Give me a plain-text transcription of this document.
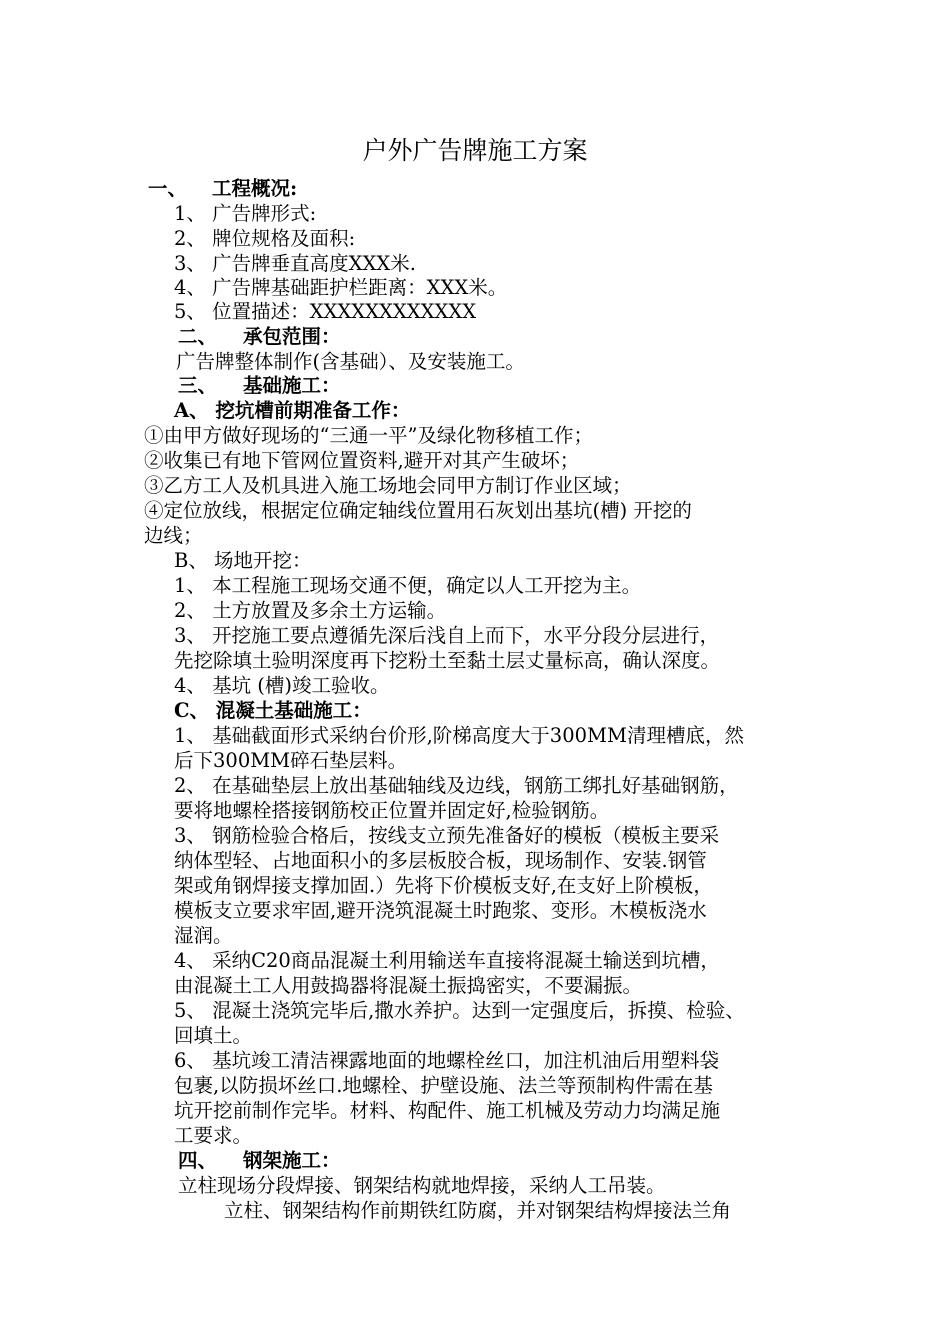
户外广告牌施工方案
一、 工程概况:
1、 广告牌形式:
2、 牌位规格及面积:
3、 广告牌垂直高度XXX米.
4、 广告牌基础距护栏距离：XXX米。
5、 位置描述：XXXXXXXXXXXX
二、 承包范围：
广告牌整体制作(含基础）、及安装施工。
三、 基础施工：
A、 挖坑槽前期准备工作：
①由甲方做好现场的“三通一平”及绿化物移植工作；
②收集已有地下管网位置资料,避开对其产生破坏；
③乙方工人及机具进入施工场地会同甲方制订作业区域；
④定位放线，根据定位确定轴线位置用石灰划出基坑(槽) 开挖的
边线；
B、 场地开挖：
1、 本工程施工现场交通不便，确定以人工开挖为主。
2、 土方放置及多余土方运输。
3、 开挖施工要点遵循先深后浅自上而下，水平分段分层进行，
先挖除填土验明深度再下挖粉土至黏土层丈量标高，确认深度。
4、 基坑 (槽)竣工验收。
C、 混凝土基础施工：
1、 基础截面形式采纳台价形,阶梯高度大于300MM清理槽底，然
后下300MM碎石垫层料。
2、 在基础垫层上放出基础轴线及边线，钢筋工绑扎好基础钢筋，
要将地螺栓搭接钢筋校正位置并固定好,检验钢筋。
3、 钢筋检验合格后，按线支立预先准备好的模板（模板主要采
纳体型轻、占地面积小的多层板胶合板，现场制作、安装.钢管
架或角钢焊接支撑加固.）先将下价模板支好,在支好上阶模板，
模板支立要求牢固,避开浇筑混凝土时跑浆、变形。木模板浇水
湿润。
4、 采纳C20商品混凝土利用输送车直接将混凝土输送到坑槽，
由混凝土工人用鼓捣器将混凝土振捣密实，不要漏振。
5、 混凝土浇筑完毕后,撒水养护。达到一定强度后，拆摸、检验、
回填土。
6、 基坑竣工清洁裸露地面的地螺栓丝口，加注机油后用塑料袋
包裹,以防损坏丝口.地螺栓、护壁设施、法兰等预制构件需在基
坑开挖前制作完毕。材料、构配件、施工机械及劳动力均满足施
工要求。
四、 钢架施工：
立柱现场分段焊接、钢架结构就地焊接，采纳人工吊装。
立柱、钢架结构作前期铁红防腐，并对钢架结构焊接法兰角
